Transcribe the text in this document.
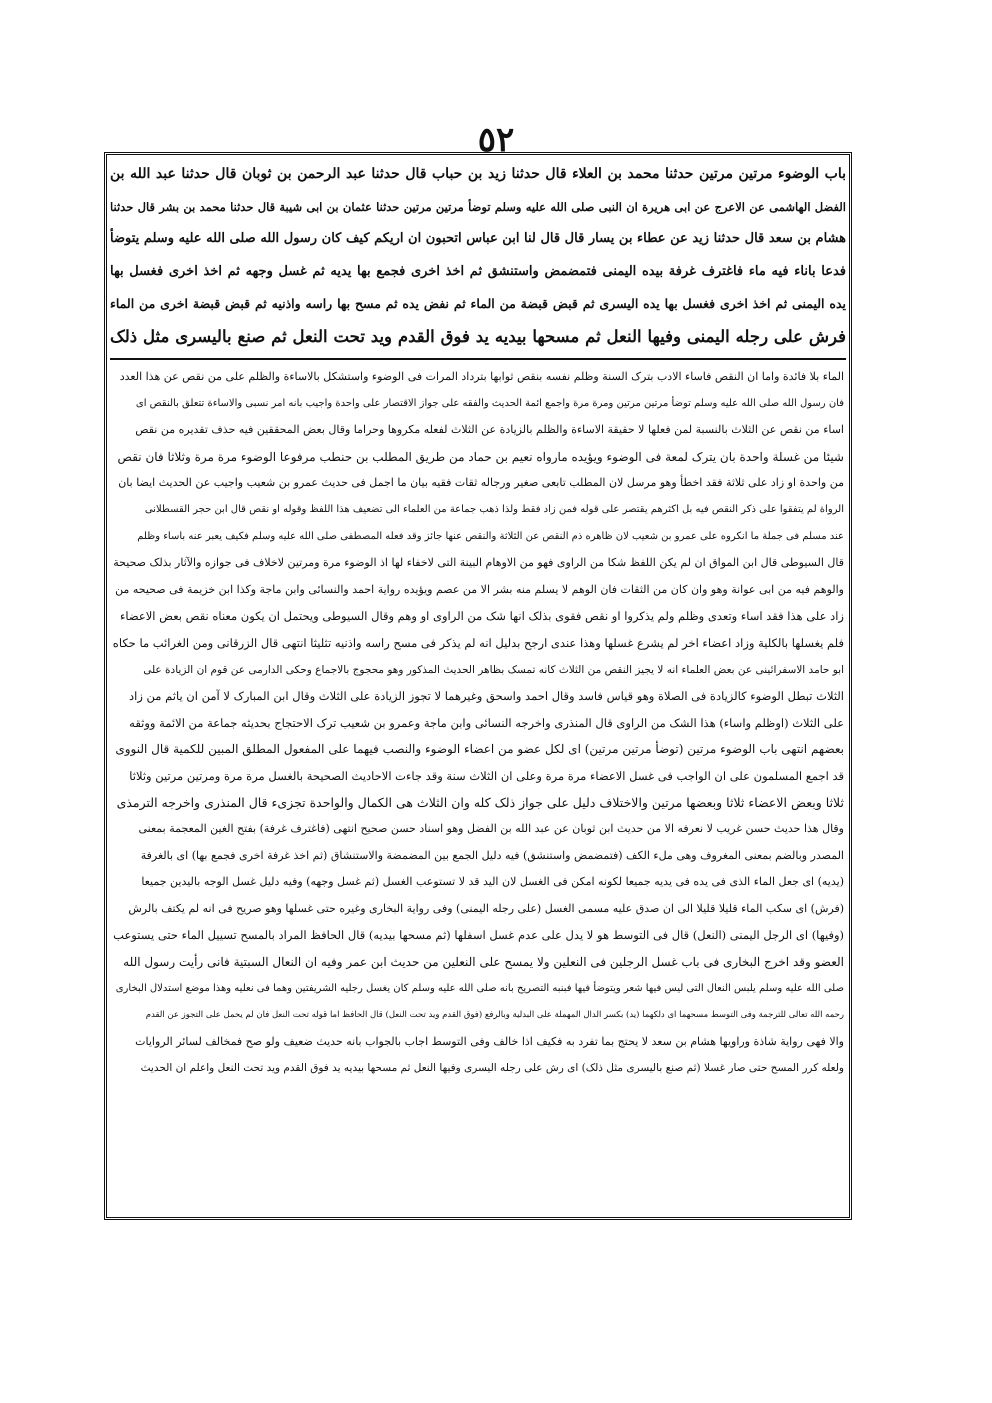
٥٢
باب الوضوء مرتین مرتین حدثنا محمد بن العلاء قال حدثنا زید بن حباب قال حدثنا عبد الرحمن بن ثوبان قال حدثنا عبد الله بن
الفضل الهاشمی عن الاعرج عن ابی هریرة ان النبی صلی الله علیه وسلم توضأ مرتین مرتین حدثنا عثمان بن ابی شیبة قال حدثنا محمد بن بشر قال حدثنا
هشام بن سعد قال حدثنا زید عن عطاء بن یسار قال قال لنا ابن عباس اتحبون ان اریکم کیف کان رسول الله صلی الله علیه وسلم یتوضأ
فدعا باناء فیه ماء فاغترف غرفة بیده الیمنی فتمضمض واستنشق ثم اخذ اخری فجمع بها یدیه ثم غسل وجهه ثم اخذ اخری فغسل بها
یده الیمنی ثم اخذ اخری فغسل بها یده الیسری ثم قبض قبضة من الماء ثم نفض یده ثم مسح بها راسه واذنیه ثم قبض قبضة اخری من الماء
فرش علی رجله الیمنی وفیها النعل ثم مسحها بیدیه ید فوق القدم وید تحت النعل ثم صنع بالیسری مثل ذلک
الماء بلا فائدة واما ان النقص فاساء الادب بترک السنة وظلم نفسه بنقص ثوابها بترداد المرات فی الوضوء واستشکل بالاساءة والظلم علی من نقص عن هذا العدد
فان رسول الله صلی الله علیه وسلم توضأ مرتین مرتین ومرة مرة واجمع ائمة الحدیث والفقه علی جواز الاقتصار علی واحدة واجیب بانه امر نسبی والاساءة تتعلق بالنقص ای
اساء من نقص عن الثلاث بالنسبة لمن فعلها لا حقیقة الاساءة والظلم بالزیادة عن الثلاث لفعله مکروها وحراما وقال بعض المحققین فیه حذف تقدیره من نقص
شیئا من غسلة واحدة بان یترک لمعة فی الوضوء ویؤیده مارواه نعیم بن حماد من طریق المطلب بن حنطب مرفوعا الوضوء مرة مرة وثلاثا فان نقص
من واحدة او زاد علی ثلاثة فقد اخطأ وهو مرسل لان المطلب تابعی صغیر ورجاله ثقات فقیه بیان ما اجمل فی حدیث عمرو بن شعیب واجیب عن الحدیث ایضا بان
الرواة لم یتفقوا علی ذکر النقص فیه بل اکثرهم یقتصر علی قوله فمن زاد فقط ولذا ذهب جماعة من العلماء الی تضعیف هذا اللفظ وقوله او نقص قال ابن حجر القسطلانی
عند مسلم فی جملة ما انکروه علی عمرو بن شعیب لان ظاهره ذم النقص عن الثلاثة والنقص عنها جائز وقد فعله المصطفی صلی الله علیه وسلم فکیف یعبر عنه باساء وظلم
قال السیوطی قال ابن المواق ان لم یکن اللفظ شکا من الراوی فهو من الاوهام البینة التی لاخفاء لها اذ الوضوء مرة ومرتین لاخلاف فی جوازه والآثار بذلک صحیحة
والوهم فیه من ابی عوانة وهو وان کان من الثقات فان الوهم لا یسلم منه بشر الا من عصم ویؤیده روایة احمد والنسائی وابن ماجة وکذا ابن خزیمة فی صحیحه من
زاد علی هذا فقد اساء وتعدی وظلم ولم یذکروا او نقص فقوی بذلک انها شک من الراوی او وهم وقال السیوطی ویحتمل ان یکون معناه نقص بعض الاعضاء
فلم یغسلها بالکلیة وزاد اعضاء اخر لم یشرع غسلها وهذا عندی ارجح بدلیل انه لم یذکر فی مسح راسه واذنیه تثلیثا انتهی قال الزرقانی ومن الغرائب ما حکاه
ابو حامد الاسفرائینی عن بعض العلماء انه لا یجیز النقص من الثلاث کانه تمسک بظاهر الحدیث المذکور وهو محجوج بالاجماع وحکی الدارمی عن قوم ان الزیادة علی
الثلاث تبطل الوضوء کالزیادة فی الصلاة وهو قیاس فاسد وقال احمد واسحق وغیرهما لا تجوز الزیادة علی الثلاث وقال ابن المبارک لا آمن ان یاثم من زاد
علی الثلاث (اوظلم واساء) هذا الشک من الراوی قال المنذری واخرجه النسائی وابن ماجة وعمرو بن شعیب ترک الاحتجاج بحدیثه جماعة من الائمة ووثقه
بعضهم انتهی باب الوضوء مرتین (توضأ مرتین مرتین) ای لکل عضو من اعضاء الوضوء والنصب فیهما علی المفعول المطلق المبین للکمیة قال النووی
قد اجمع المسلمون علی ان الواجب فی غسل الاعضاء مرة مرة وعلی ان الثلاث سنة وقد جاءت الاحادیث الصحیحة بالغسل مرة مرة ومرتین مرتین وثلاثا
ثلاثا وبعض الاعضاء ثلاثا وبعضها مرتین والاختلاف دلیل علی جواز ذلک کله وان الثلاث هی الکمال والواحدة تجزیء قال المنذری واخرجه الترمذی
وقال هذا حدیث حسن غریب لا نعرفه الا من حدیث ابن ثوبان عن عبد الله بن الفضل وهو اسناد حسن صحیح انتهی (فاغترف غرفة) بفتح الغین المعجمة بمعنی
المصدر وبالضم بمعنی المغروف وهی ملء الکف (فتمضمض واستنشق) فیه دلیل الجمع بین المضمضة والاستنشاق (ثم اخذ غرفة اخری فجمع بها) ای بالغرفة
(یدیه) ای جعل الماء الذی فی یده فی یدیه جمیعا لکونه امکن فی الغسل لان الید قد لا تستوعب الغسل (ثم غسل وجهه) وفیه دلیل غسل الوجه بالیدین جمیعا
(فرش) ای سکب الماء قلیلا قلیلا الی ان صدق علیه مسمی الغسل (علی رجله الیمنی) وفی روایة البخاری وغیره حتی غسلها وهو صریح فی انه لم یکتف بالرش
(وفیها) ای الرجل الیمنی (النعل) قال فی التوسط هو لا یدل علی عدم غسل اسفلها (ثم مسحها بیدیه) قال الحافظ المراد بالمسح تسییل الماء حتی یستوعب
العضو وقد اخرج البخاری فی باب غسل الرجلین فی النعلین ولا یمسح علی النعلین من حدیث ابن عمر وفیه ان النعال السبتیة فانی رأیت رسول الله
صلی الله علیه وسلم یلبس النعال التی لیس فیها شعر ویتوضأ فیها فبنبه التصریح بانه صلی الله علیه وسلم کان یغسل رجلیه الشریفتین وهما فی نعلیه وهذا موضع استدلال البخاری
رحمه الله تعالی للترجمة وفی التوسط مسحهما ای دلکهما (ید) بکسر الدال المهملة علی البدلیة وبالرفع (فوق القدم وید تحت النعل) قال الحافظ اما قوله تحت النعل فان لم یحمل علی التجوز عن القدم
والا فهی روایة شاذة وراویها هشام بن سعد لا یحتج بما تفرد به فکیف اذا خالف وفی التوسط اجاب بالجواب بانه حدیث ضعیف ولو صح فمخالف لسائر الروایات
ولعله کرر المسح حتی صار غسلا (ثم صنع بالیسری مثل ذلک) ای رش علی رجله الیسری وفیها النعل ثم مسحها بیدیه ید فوق القدم وید تحت النعل واعلم ان الحدیث
